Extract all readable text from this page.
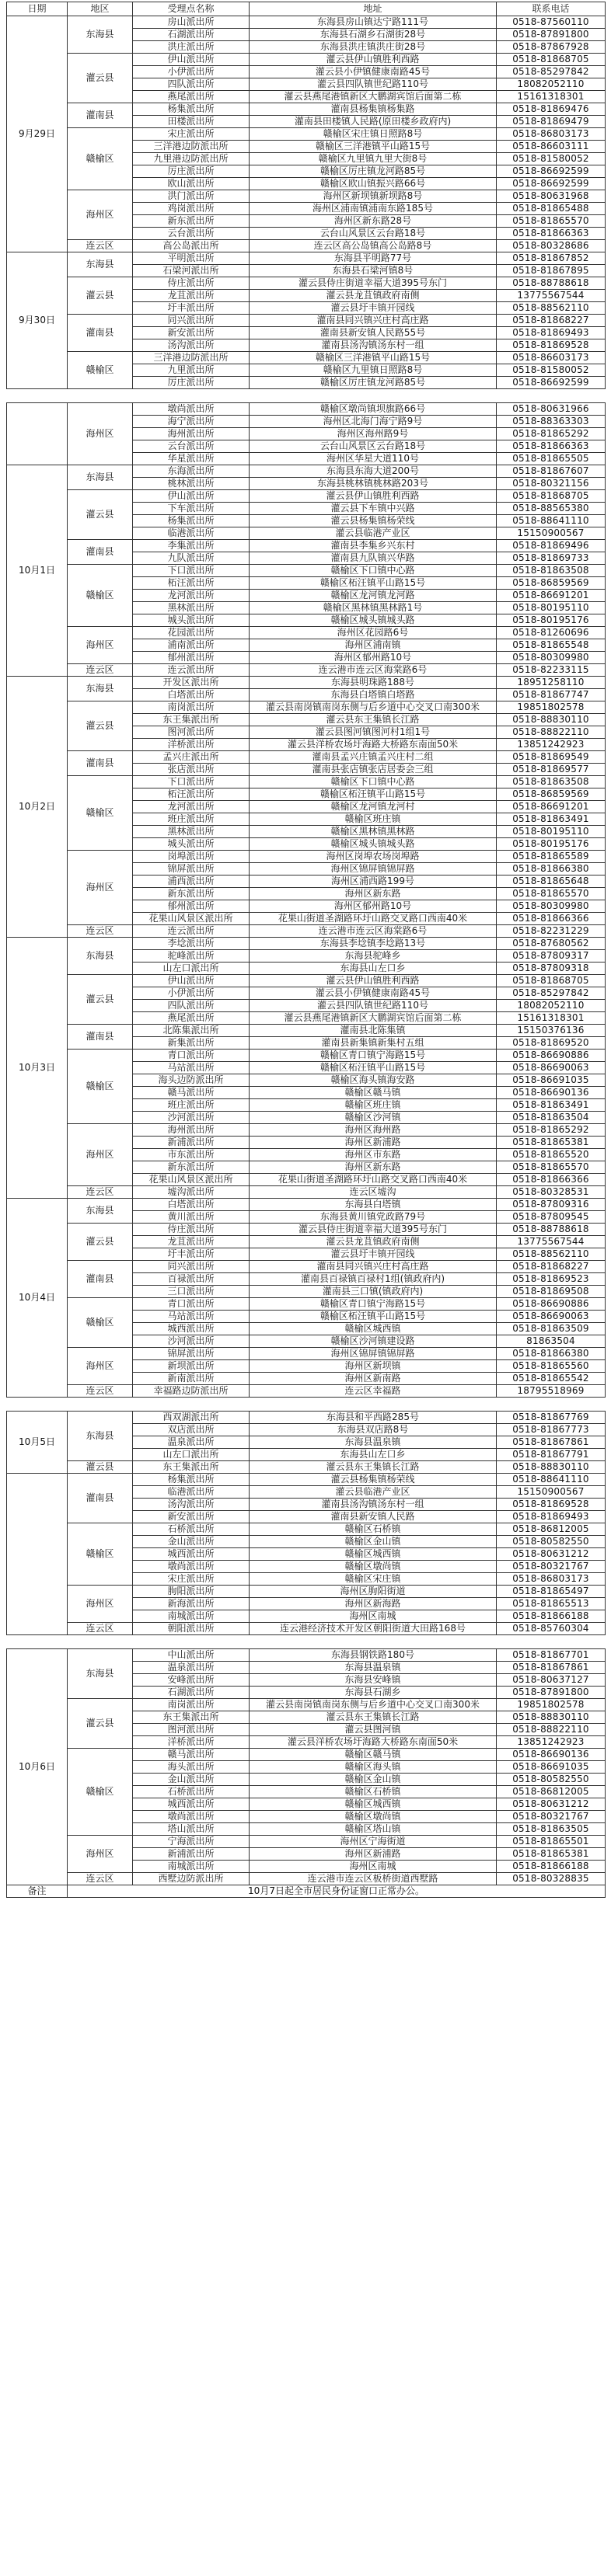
日期	地区	受理点名称	地址	联系电话
9月29日	东海县	房山派出所	东海县房山镇达宁路111号	0518-87560110
		石湖派出所	东海县石湖乡石湖街28号	0518-87891800
		洪庄派出所	东海县洪庄镇洪庄街28号	0518-87867928
	灌云县	伊山派出所	灌云县伊山镇胜利西路	0518-81868705
		小伊派出所	灌云县小伊镇健康南路45号	0518-85297842
		四队派出所	灌云县四队镇世纪路110号	18082052110
		燕尾派出所	灌云县燕尾港镇新区大鹏湖宾馆后面第二栋	15161318301
	灌南县	杨集派出所	灌南县杨集镇杨集路	0518-81869476
		田楼派出所	灌南县田楼镇人民路(原田楼乡政府内)	0518-81869479
	赣榆区	宋庄派出所	赣榆区宋庄镇日照路8号	0518-86803173
		三洋港边防派出所	赣榆区三洋港镇平山路15号	0518-86603111
		九里港边防派出所	赣榆区九里镇九里大街8号	0518-81580052
		厉庄派出所	赣榆区厉庄镇龙河路85号	0518-86692599
		欧山派出所	赣榆区欧山镇振兴路66号	0518-86692599
	海州区	洪门派出所	海州区新坝镇新坝路8号	0518-80631968
		鸡岗派出所	海州区浦南镇浦南东路185号	0518-81865488
		新东派出所	海州区新东路28号	0518-81865570
		云台派出所	云台山风景区云台路18号	0518-81866363
	连云区	高公岛派出所	连云区高公岛镇高公岛路8号	0518-80328686
9月30日	东海县	平明派出所	东海县平明路77号	0518-81867852
		石梁河派出所	东海县石梁河镇8号	0518-81867895
	灌云县	侍庄派出所	灌云县侍庄街道幸福大道395号东门	0518-88788618
		龙苴派出所	灌云县龙苴镇政府南侧	13775567544
		圩丰派出所	灌云县圩丰镇开园线	0518-88562110
	灌南县	同兴派出所	灌南县同兴镇兴庄村高庄路	0518-81868227
		新安派出所	灌南县新安镇人民路55号	0518-81869493
		汤沟派出所	灌南县汤沟镇汤东村一组	0518-81869528
	赣榆区	三洋港边防派出所	赣榆区三洋港镇平山路15号	0518-86603173
		九里派出所	赣榆区九里镇日照路8号	0518-81580052
		厉庄派出所	赣榆区厉庄镇龙河路85号	0518-86692599
	海州区	墩尚派出所	赣榆区墩尚镇坝旗路66号	0518-80631966
		海宁派出所	海州区北海门海宁路9号	0518-88363303
		海州派出所	海州区海州路9号	0518-81865292
		云台派出所	云台山风景区云台路18号	0518-81866363
		华星派出所	海州区华星大道110号	0518-81865505
10月1日	东海县	东海派出所	东海县东海大道200号	0518-81867607
		桃林派出所	东海县桃林镇桃林路203号	0518-80321156
	灌云县	伊山派出所	灌云县伊山镇胜利西路	0518-81868705
		下车派出所	灌云县下车镇中兴路	0518-88565380
		杨集派出所	灌云县杨集镇杨荣线	0518-88641110
		临港派出所	灌云县临港产业区	15150900567
	灌南县	李集派出所	灌南县李集乡兴东村	0518-81869496
		九队派出所	灌南县九队镇兴华路	0518-81869733
	赣榆区	下口派出所	赣榆区下口镇中心路	0518-81863508
		柘汪派出所	赣榆区柘汪镇平山路15号	0518-86859569
		龙河派出所	赣榆区龙河镇龙河路	0518-86691201
		黑林派出所	赣榆区黑林镇黑林路1号	0518-80195110
		城头派出所	赣榆区城头镇城头路	0518-80195176
	海州区	花园派出所	海州区花园路6号	0518-81260696
		浦南派出所	海州区浦南镇	0518-81865548
		郁州派出所	海州区郁州路10号	0518-80309980
	连云区	连云派出所	连云港市连云区海棠路6号	0518-82233115
10月2日	东海县	开发区派出所	东海县明珠路188号	18951258110
		白塔派出所	东海县白塔镇白塔路	0518-81867747
	灌云县	南岗派出所	灌云县南岗镇南岗东侧与后乡道中心交叉口南300米	19851802578
		东王集派出所	灌云县东王集镇长江路	0518-88830110
		图河派出所	灌云县图河镇图河村1组1号	0518-88822110
		洋桥派出所	灌云县洋桥农场圩海路大桥路东南面50米	13851242923
	灌南县	孟兴庄派出所	灌南县孟兴庄镇孟兴庄村二组	0518-81869549
		张店派出所	灌南县张店镇张店居委会三组	0518-81869577
	赣榆区	下口派出所	赣榆区下口镇中心路	0518-81863508
		柘汪派出所	赣榆区柘汪镇平山路15号	0518-86859569
		龙河派出所	赣榆区龙河镇龙河村	0518-86691201
		班庄派出所	赣榆区班庄镇	0518-81863491
		黑林派出所	赣榆区黑林镇黑林路	0518-80195110
		城头派出所	赣榆区城头镇城头路	0518-80195176
	海州区	岗埠派出所	海州区岗埠农场岗埠路	0518-81865589
		锦屏派出所	海州区锦屏镇锦屏路	0518-81866380
		浦西派出所	海州区浦西路199号	0518-81865648
		新东派出所	海州区新东路	0518-81865570
		郁州派出所	海州区郁州路10号	0518-80309980
		花果山风景区派出所	花果山街道圣湖路环圩山路交叉路口西南40米	0518-81866366
	连云区	连云派出所	连云港市连云区海棠路6号	0518-82231229
10月3日	东海县	李埝派出所	东海县李埝镇李埝路13号	0518-87680562
		驼峰派出所	东海县驼峰乡	0518-87809317
		山左口派出所	东海县山左口乡	0518-87809318
	灌云县	伊山派出所	灌云县伊山镇胜利西路	0518-81868705
		小伊派出所	灌云县小伊镇健康南路45号	0518-85297842
		四队派出所	灌云县四队镇世纪路110号	18082052110
		燕尾派出所	灌云县燕尾港镇新区大鹏湖宾馆后面第二栋	15161318301
	灌南县	北陈集派出所	灌南县北陈集镇	15150376136
		新集派出所	灌南县新集镇新集村五组	0518-81869520
	赣榆区	青口派出所	赣榆区青口镇宁海路15号	0518-86690886
		马站派出所	赣榆区柘汪镇平山路15号	0518-86690063
		海头边防派出所	赣榆区海头镇海安路	0518-86691035
		赣马派出所	赣榆区赣马镇	0518-86690136
		班庄派出所	赣榆区班庄镇	0518-81863491
		沙河派出所	赣榆区沙河镇	0518-81863504
	海州区	海州派出所	海州区海州路	0518-81865292
		新浦派出所	海州区新浦路	0518-81865381
		市东派出所	海州区市东路	0518-81865520
		新东派出所	海州区新东路	0518-81865570
		花果山风景区派出所	花果山街道圣湖路环圩山路交叉路口西南40米	0518-81866366
	连云区	墟沟派出所	连云区墟沟	0518-80328531
10月4日	东海县	白塔派出所	东海县白塔镇	0518-87809316
		黄川派出所	东海县黄川镇党政路79号	0518-87809545
	灌云县	侍庄派出所	灌云县侍庄街道幸福大道395号东门	0518-88788618
		龙苴派出所	灌云县龙苴镇政府南侧	13775567544
		圩丰派出所	灌云县圩丰镇开园线	0518-88562110
	灌南县	同兴派出所	灌南县同兴镇兴庄村高庄路	0518-81868227
		百禄派出所	灌南县百禄镇百禄村1组(镇政府内)	0518-81869523
		三口派出所	灌南县三口镇(镇政府内)	0518-81869508
	赣榆区	青口派出所	赣榆区青口镇宁海路15号	0518-86690886
		马站派出所	赣榆区柘汪镇平山路15号	0518-86690063
		城西派出所	赣榆区城西镇	0518-81863509
		沙河派出所	赣榆区沙河镇建设路	81863504
	海州区	锦屏派出所	海州区锦屏镇锦屏路	0518-81866380
		新坝派出所	海州区新坝镇	0518-81865560
		新南派出所	海州区新南路	0518-81865542
	连云区	幸福路边防派出所	连云区幸福路	18795518969
10月5日	东海县	西双湖派出所	东海县和平西路285号	0518-81867769
		双店派出所	东海县双店路8号	0518-81867773
		温泉派出所	东海县温泉镇	0518-81867861
		山左口派出所	东海县山左口乡	0518-81867791
	灌云县	东王集派出所	灌云县东王集镇长江路	0518-88830110
	灌南县	杨集派出所	灌云县杨集镇杨荣线	0518-88641110
		临港派出所	灌云县临港产业区	15150900567
		汤沟派出所	灌南县汤沟镇汤东村一组	0518-81869528
		新安派出所	灌南县新安镇人民路	0518-81869493
	赣榆区	石桥派出所	赣榆区石桥镇	0518-86812005
		金山派出所	赣榆区金山镇	0518-80582550
		城西派出所	赣榆区城西镇	0518-80631212
		墩尚派出所	赣榆区墩尚镇	0518-80321767
		宋庄派出所	赣榆区宋庄镇	0518-86803173
	海州区	朐阳派出所	海州区朐阳街道	0518-81865497
		新海派出所	海州区新海路	0518-81865513
		南城派出所	海州区南城	0518-81866188
	连云区	朝阳派出所	连云港经济技术开发区朝阳街道大田路168号	0518-85760304
10月6日	东海县	中山派出所	东海县钢铁路180号	0518-81867701
		温泉派出所	东海县温泉镇	0518-81867861
		安峰派出所	东海县安峰镇	0518-80637127
		石湖派出所	东海县石湖乡	0518-87891800
	灌云县	南岗派出所	灌云县南岗镇南岗东侧与后乡道中心交叉口南300米	19851802578
		东王集派出所	灌云县东王集镇长江路	0518-88830110
		图河派出所	灌云县图河镇	0518-88822110
		洋桥派出所	灌云县洋桥农场圩海路大桥路东南面50米	13851242923
	赣榆区	赣马派出所	赣榆区赣马镇	0518-86690136
		海头派出所	赣榆区海头镇	0518-86691035
		金山派出所	赣榆区金山镇	0518-80582550
		石桥派出所	赣榆区石桥镇	0518-86812005
		城西派出所	赣榆区城西镇	0518-80631212
		墩尚派出所	赣榆区墩尚镇	0518-80321767
		塔山派出所	赣榆区塔山镇	0518-81863505
	海州区	宁海派出所	海州区宁海街道	0518-81865501
		新浦派出所	海州区新浦路	0518-81865381
		南城派出所	海州区南城	0518-81866188
	连云区	西墅边防派出所	连云港市连云区板桥街道西墅路	0518-80328835
备注	10月7日起全市居民身份证窗口正常办公。			
